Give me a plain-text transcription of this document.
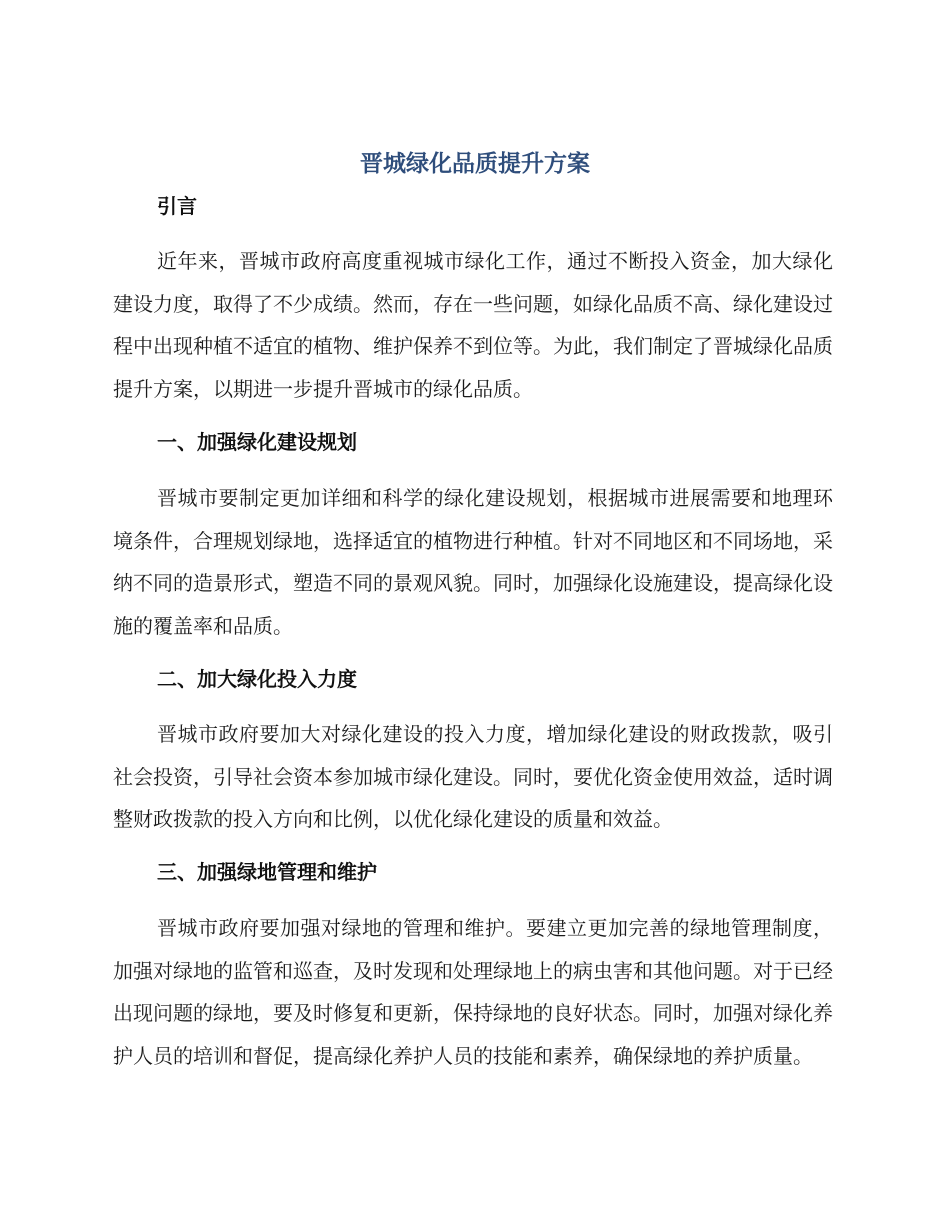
晋城绿化品质提升方案
引言

近年来，晋城市政府高度重视城市绿化工作，通过不断投入资金，加大绿化建设力度，取得了不少成绩。然而，存在一些问题，如绿化品质不高、绿化建设过程中出现种植不适宜的植物、维护保养不到位等。为此，我们制定了晋城绿化品质提升方案，以期进一步提升晋城市的绿化品质。

一、加强绿化建设规划

晋城市要制定更加详细和科学的绿化建设规划，根据城市进展需要和地理环境条件，合理规划绿地，选择适宜的植物进行种植。针对不同地区和不同场地，采纳不同的造景形式，塑造不同的景观风貌。同时，加强绿化设施建设，提高绿化设施的覆盖率和品质。

二、加大绿化投入力度

晋城市政府要加大对绿化建设的投入力度，增加绿化建设的财政拨款，吸引社会投资，引导社会资本参加城市绿化建设。同时，要优化资金使用效益，适时调整财政拨款的投入方向和比例，以优化绿化建设的质量和效益。

三、加强绿地管理和维护

晋城市政府要加强对绿地的管理和维护。要建立更加完善的绿地管理制度，加强对绿地的监管和巡查，及时发现和处理绿地上的病虫害和其他问题。对于已经出现问题的绿地，要及时修复和更新，保持绿地的良好状态。同时，加强对绿化养护人员的培训和督促，提高绿化养护人员的技能和素养，确保绿地的养护质量。
